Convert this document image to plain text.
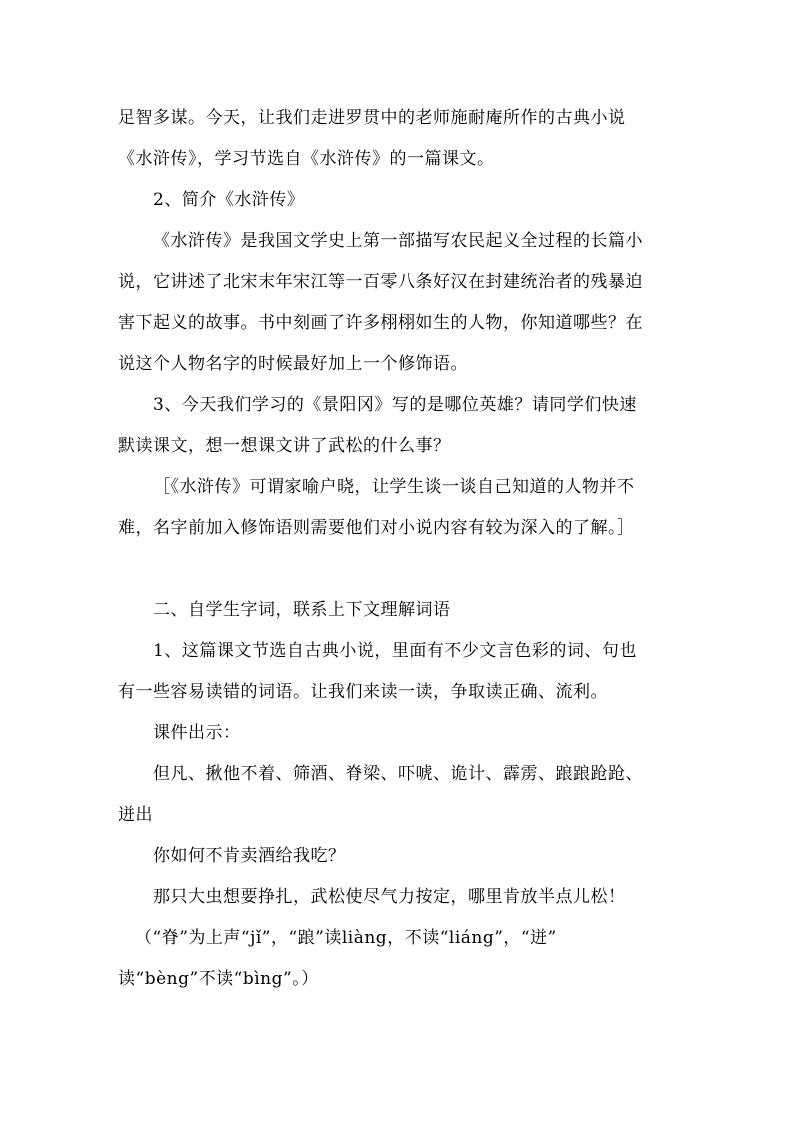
足智多谋。今天，让我们走进罗贯中的老师施耐庵所作的古典小说
《水浒传》，学习节选自《水浒传》的一篇课文。
2、简介《水浒传》
《水浒传》是我国文学史上第一部描写农民起义全过程的长篇小
说，它讲述了北宋末年宋江等一百零八条好汉在封建统治者的残暴迫
害下起义的故事。书中刻画了许多栩栩如生的人物，你知道哪些？在
说这个人物名字的时候最好加上一个修饰语。
3、今天我们学习的《景阳冈》写的是哪位英雄？请同学们快速
默读课文，想一想课文讲了武松的什么事？
［《水浒传》可谓家喻户晓，让学生谈一谈自己知道的人物并不
难，名字前加入修饰语则需要他们对小说内容有较为深入的了解。］
二、自学生字词，联系上下文理解词语
1、这篇课文节选自古典小说，里面有不少文言色彩的词、句也
有一些容易读错的词语。让我们来读一读，争取读正确、流利。
课件出示：
但凡、揪他不着、筛酒、脊梁、吓唬、诡计、霹雳、踉踉跄跄、
迸出
你如何不肯卖酒给我吃？
那只大虫想要挣扎，武松使尽气力按定，哪里肯放半点儿松！
（“脊”为上声“jǐ”，“踉”读liàng，不读“liáng”，“迸”
读“bèng”不读“bìng”。）
